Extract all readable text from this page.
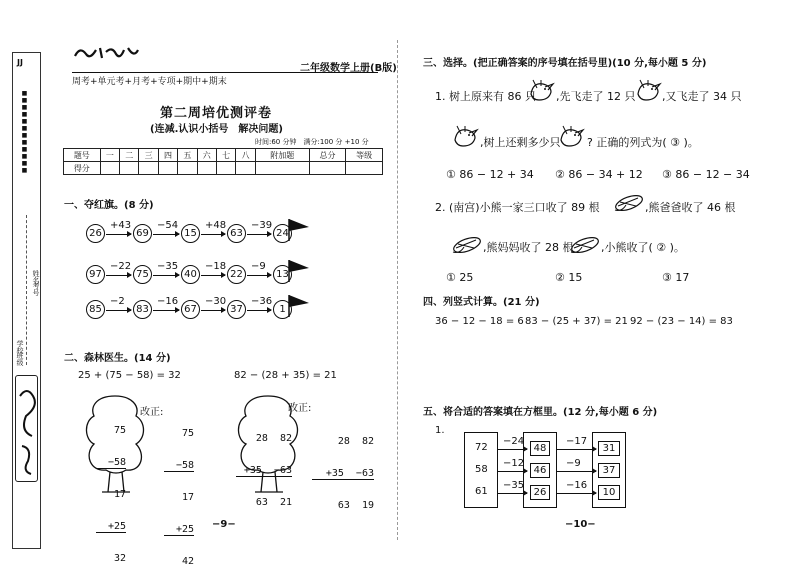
JJ
■■■■■■■■■■■■
学校
班级
姓名
考号
二年级数学上册(B版)
周考+单元考+月考+专项+期中+期末
第二周培优测评卷
(连减.认识小括号　解决问题)
时间:60 分钟　满分:100 分 +10 分
题号	一	二	三	四	五	六	七	八	附加题	总分	等级
得分											
一、夺红旗。(8 分)
26	69	15	63	24
+43	−54	+48 −39
97	75	40	22	13
−22	−35	−18 −9
85	83	67	37	1
−2	−16	−30 −36
二、森林医生。(14 分)
25 + (75 − 58) = 32	82 − (28 + 35) = 21

75

−58

17

+25

32

改正:

75

−58

17

+25

42

28  82

+35  −63

63  21

改正:

28  82

+35  −63

63  19

−9−
三、选择。(把正确答案的序号填在括号里)(10 分,每小题 5 分)
1. 树上原来有 86 只 ,先飞走了 12 只 ,又飞走了 34 只
,树上还剩多少只 ? 正确的列式为( ③ )。
① 86 − 12 + 34 ② 86 − 34 + 12 ③ 86 − 12 − 34
2. (南宫)小熊一家三口收了 89 根	,熊爸爸收了 46 根
,熊妈妈收了 28 根	,小熊收了( ② )。
① 25	② 15	③ 17
四、列竖式计算。(21 分)
36 − 12 − 18 = 6 83 − (25 + 37) = 21 92 − (23 − 14) = 83
五、将合适的答案填在方框里。(12 分,每小题 6 分)
1.
72
−24
48
−17
31
58
−12
46
−9
37
61
−35
26
−16
10
−10−
